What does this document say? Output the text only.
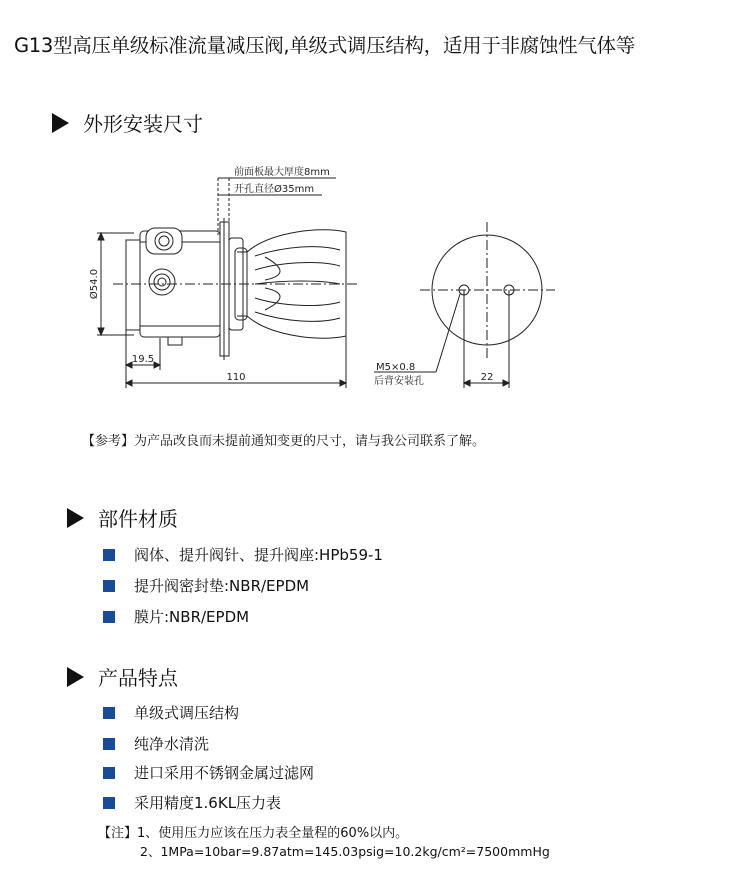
G13型高压单级标准流量减压阀,单级式调压结构，适用于非腐蚀性气体等
外形安装尺寸
前面板最大厚度8mm
开孔直径Ø35mm
Ø54.0
19.5
110
M5×0.8
后背安装孔	22
【参考】为产品改良而未提前通知变更的尺寸，请与我公司联系了解。
部件材质
阀体、提升阀针、提升阀座:HPb59-1
提升阀密封垫:NBR/EPDM
膜片:NBR/EPDM
产品特点
单级式调压结构
纯净水清洗
进口采用不锈钢金属过滤网
采用精度1.6KL压力表
【注】1、使用压力应该在压力表全量程的60%以内。
2、1MPa=10bar=9.87atm=145.03psig=10.2kg/cm²=7500mmHg
